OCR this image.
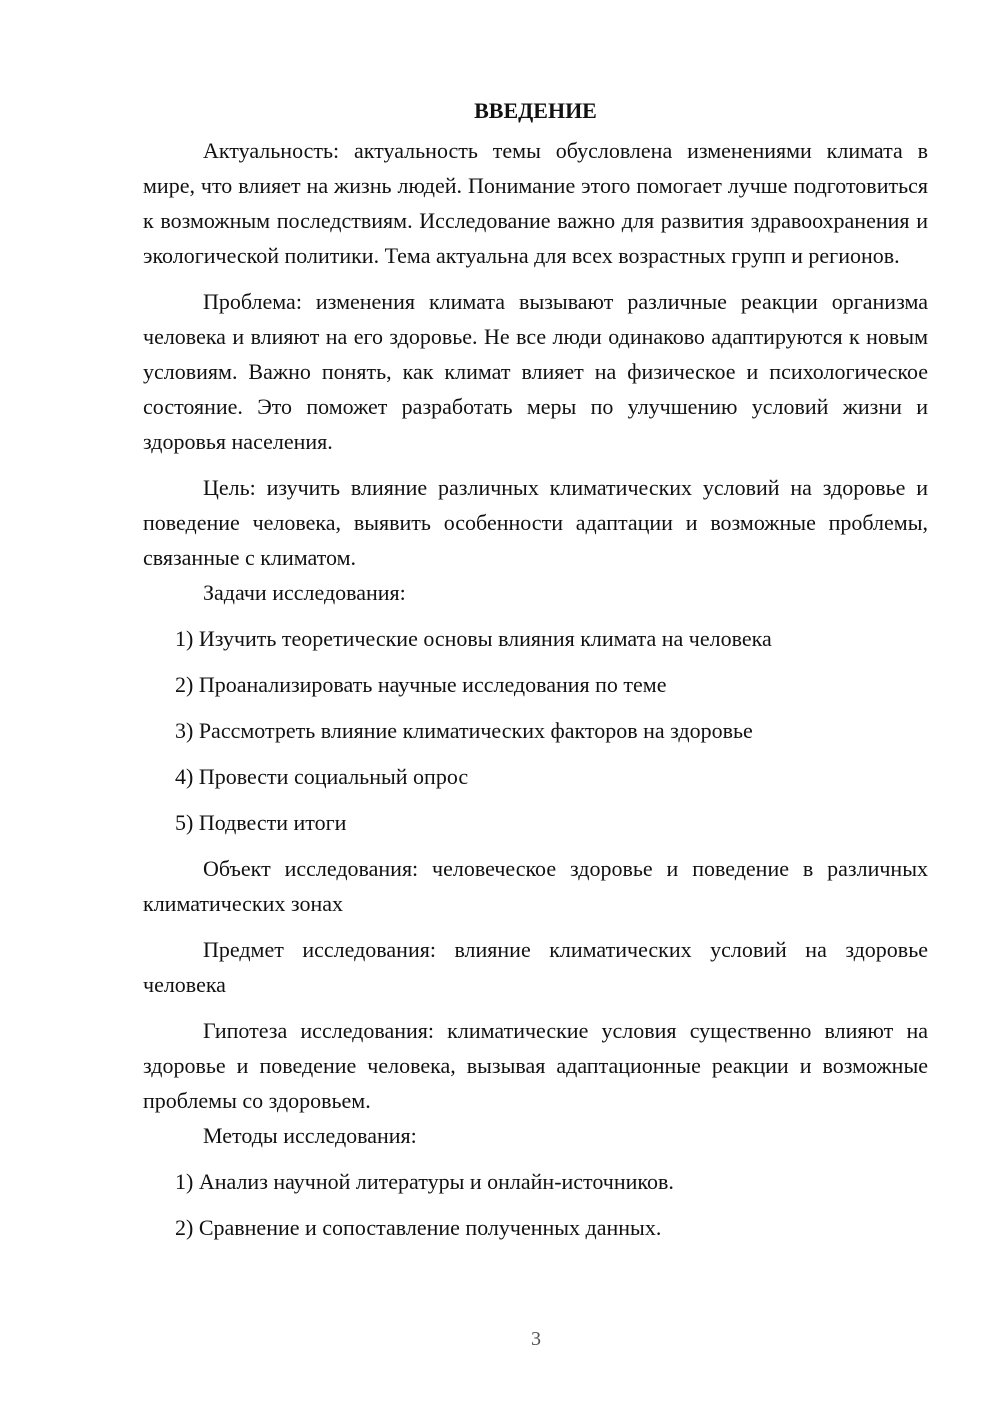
ВВЕДЕНИЕ

Актуальность: актуальность темы обусловлена изменениями климата в мире, что влияет на жизнь людей. Понимание этого помогает лучше подготовиться к возможным последствиям. Исследование важно для развития здравоохранения и экологической политики. Тема актуальна для всех возрастных групп и регионов.

Проблема: изменения климата вызывают различные реакции организма человека и влияют на его здоровье. Не все люди одинаково адаптируются к новым условиям. Важно понять, как климат влияет на физическое и психологическое состояние. Это поможет разработать меры по улучшению условий жизни и здоровья населения.

Цель: изучить влияние различных климатических условий на здоровье и поведение человека, выявить особенности адаптации и возможные проблемы, связанные с климатом.

Задачи исследования:

1) Изучить теоретические основы влияния климата на человека

2) Проанализировать научные исследования по теме

3) Рассмотреть влияние климатических факторов на здоровье

4) Провести социальный опрос

5) Подвести итоги

Объект исследования: человеческое здоровье и поведение в различных климатических зонах

Предмет исследования: влияние климатических условий на здоровье человека

Гипотеза исследования: климатические условия существенно влияют на здоровье и поведение человека, вызывая адаптационные реакции и возможные проблемы со здоровьем.

Методы исследования:

1) Анализ научной литературы и онлайн-источников.

2) Сравнение и сопоставление полученных данных.

3
